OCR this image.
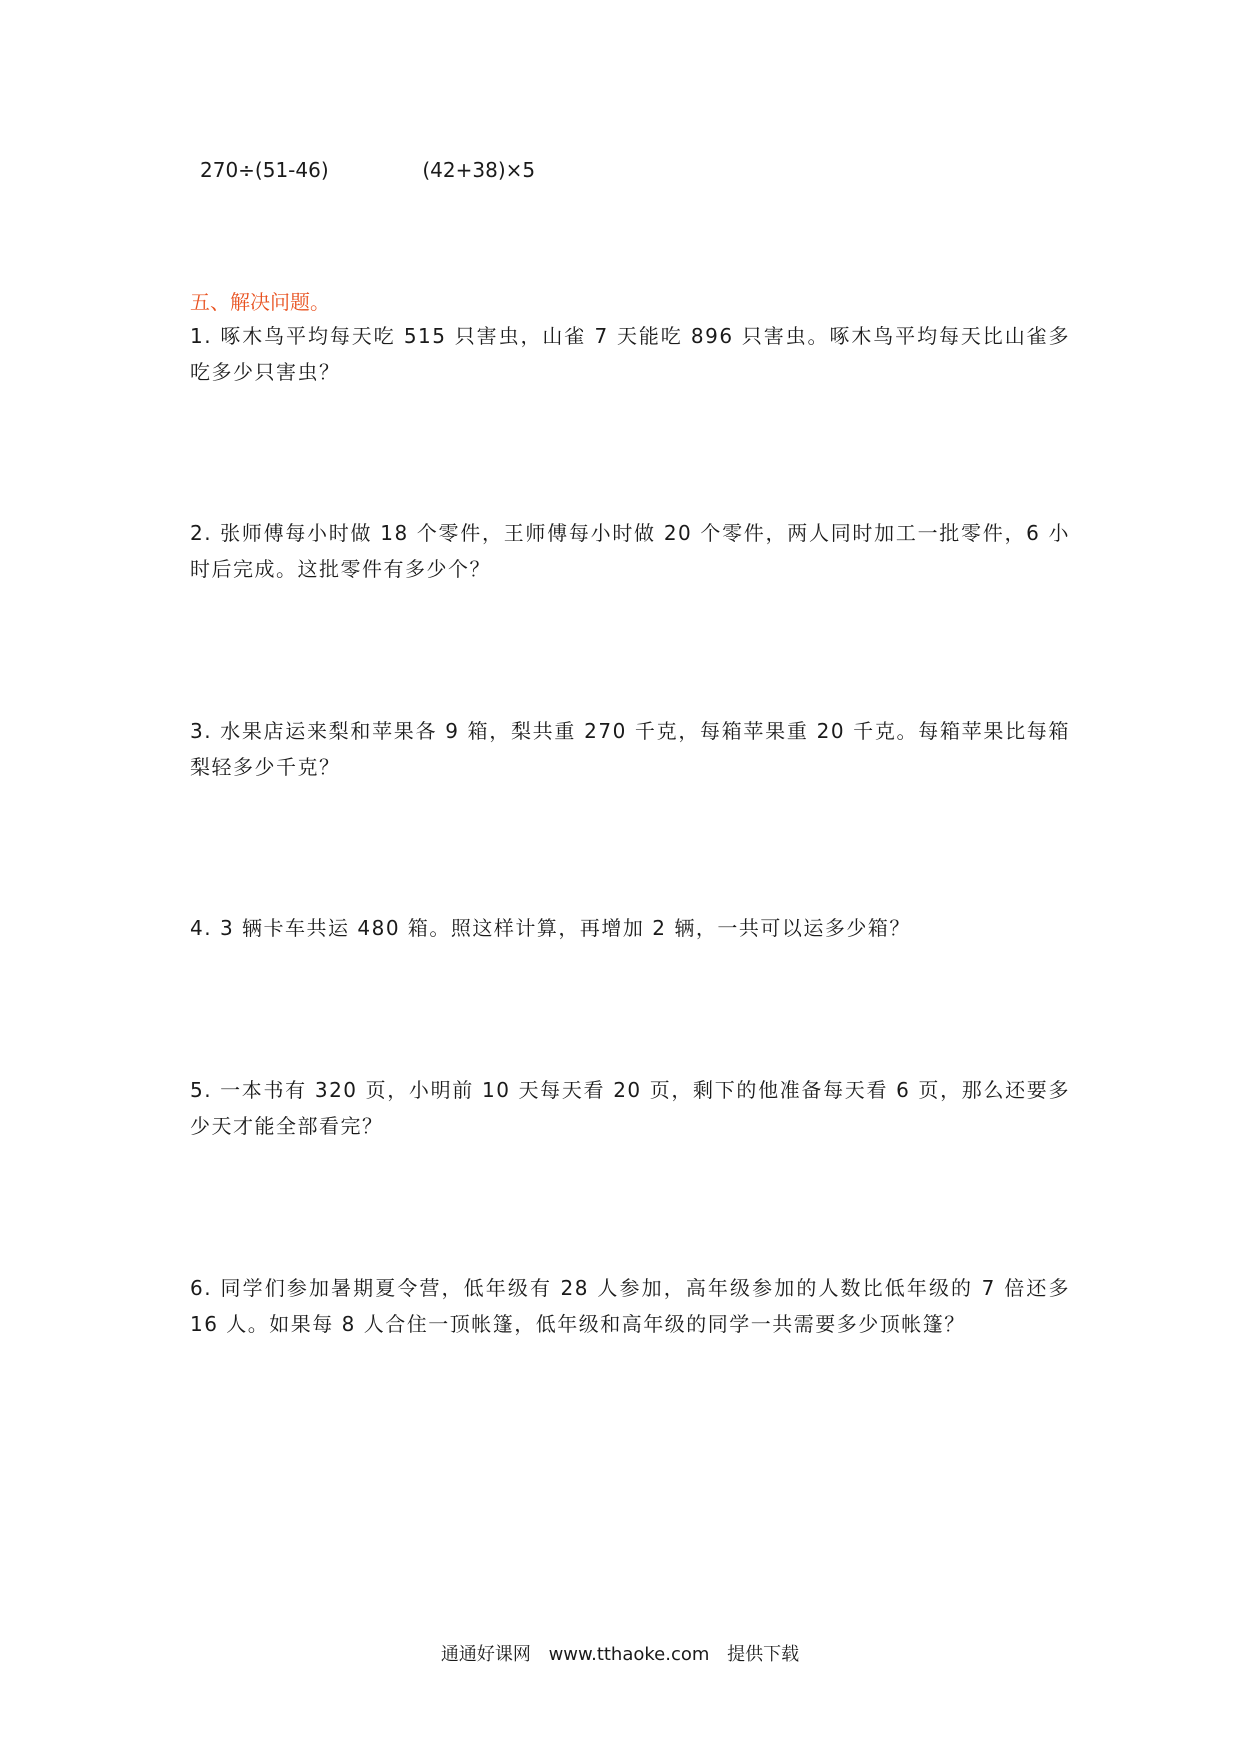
270÷(51-46)	(42+38)×5
五、解决问题。
1. 啄木鸟平均每天吃 515 只害虫，山雀 7 天能吃 896 只害虫。啄木鸟平均每天比山雀多吃多少只害虫？
2. 张师傅每小时做 18 个零件，王师傅每小时做 20 个零件，两人同时加工一批零件，6 小时后完成。这批零件有多少个？
3. 水果店运来梨和苹果各 9 箱，梨共重 270 千克，每箱苹果重 20 千克。每箱苹果比每箱梨轻多少千克？
4. 3 辆卡车共运 480 箱。照这样计算，再增加 2 辆，一共可以运多少箱？
5. 一本书有 320 页，小明前 10 天每天看 20 页，剩下的他准备每天看 6 页，那么还要多少天才能全部看完？
6. 同学们参加暑期夏令营，低年级有 28 人参加，高年级参加的人数比低年级的 7 倍还多 16 人。如果每 8 人合住一顶帐篷，低年级和高年级的同学一共需要多少顶帐篷？
通通好课网 www.tthaoke.com 提供下载
